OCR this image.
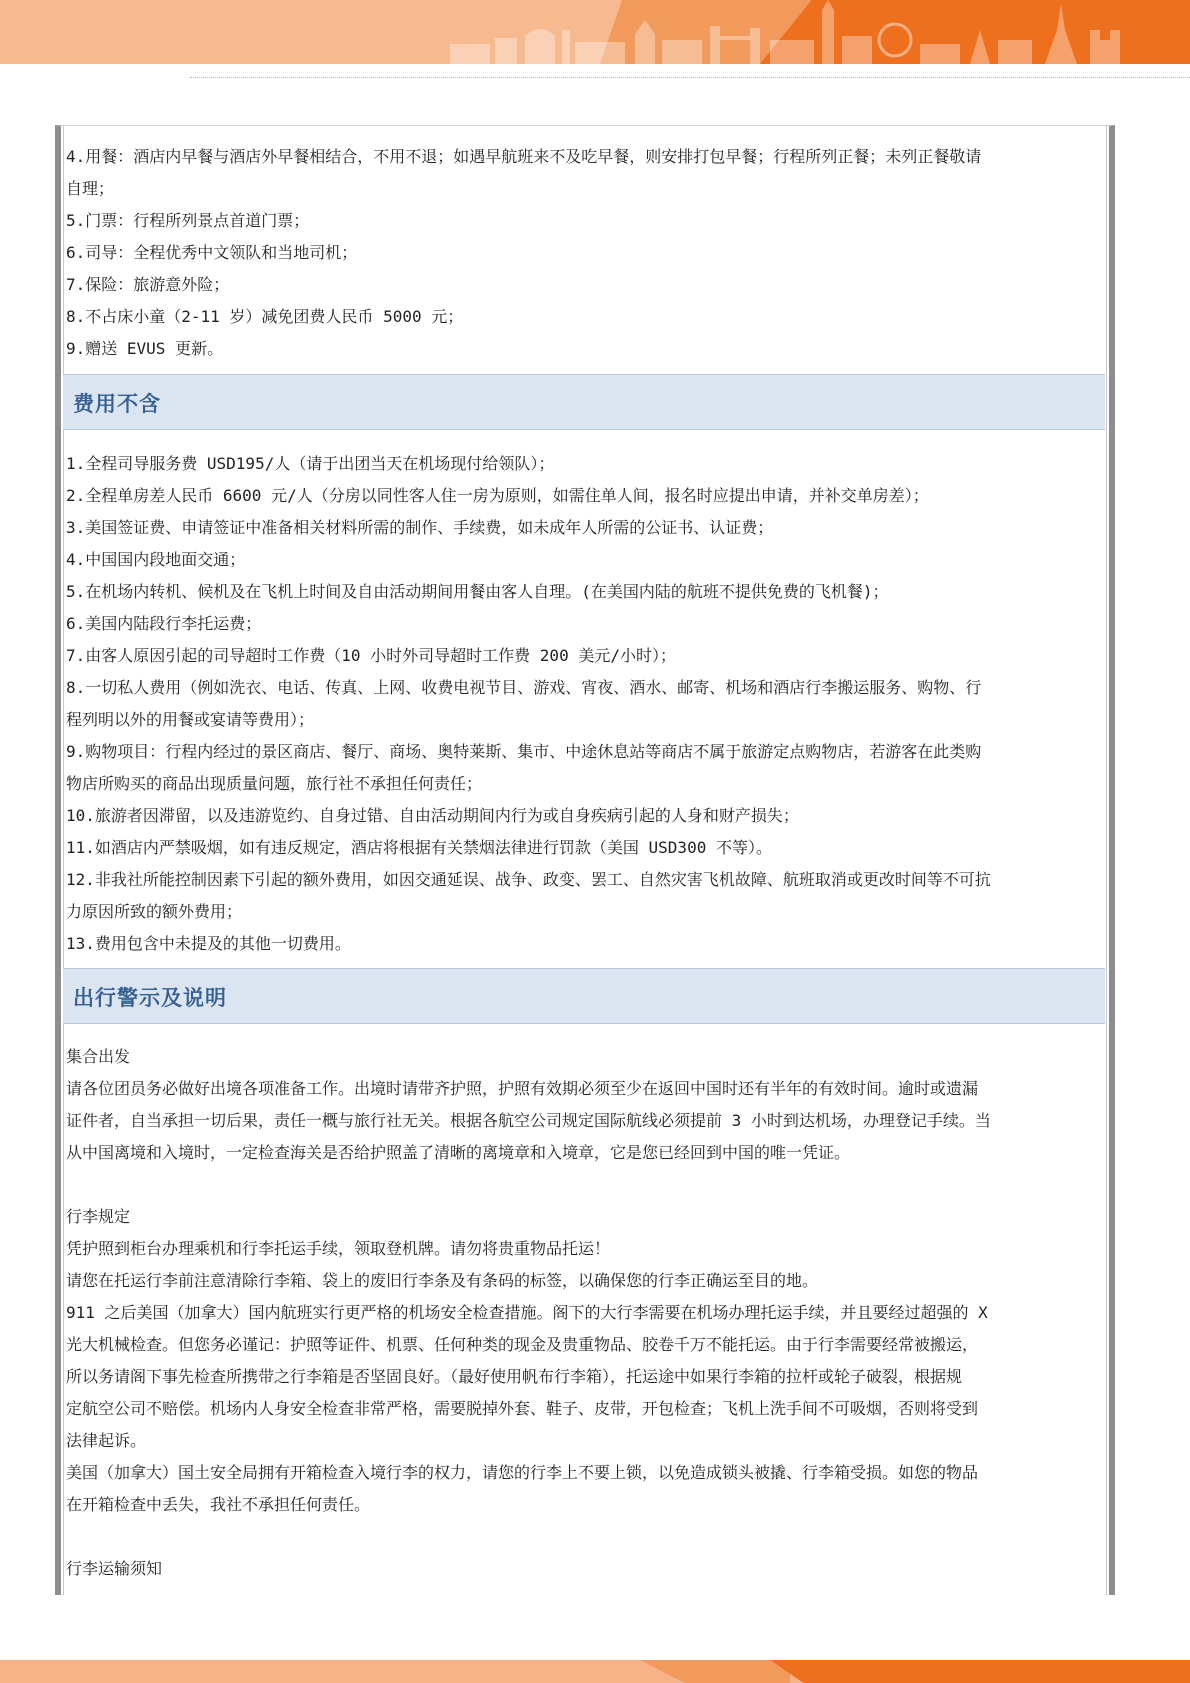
4.用餐：酒店内早餐与酒店外早餐相结合，不用不退；如遇早航班来不及吃早餐，则安排打包早餐；行程所列正餐；未列正餐敬请
自理；
5.门票：行程所列景点首道门票；
6.司导：全程优秀中文领队和当地司机；
7.保险：旅游意外险；
8.不占床小童（2-11 岁）减免团费人民币 5000 元；
9.赠送 EVUS 更新。
费用不含
1.全程司导服务费 USD195/人（请于出团当天在机场现付给领队）；
2.全程单房差人民币 6600 元/人（分房以同性客人住一房为原则，如需住单人间，报名时应提出申请，并补交单房差）；
3.美国签证费、申请签证中准备相关材料所需的制作、手续费，如未成年人所需的公证书、认证费；
4.中国国内段地面交通；
5.在机场内转机、候机及在飞机上时间及自由活动期间用餐由客人自理。(在美国内陆的航班不提供免费的飞机餐)；
6.美国内陆段行李托运费；
7.由客人原因引起的司导超时工作费（10 小时外司导超时工作费 200 美元/小时）；
8.一切私人费用（例如洗衣、电话、传真、上网、收费电视节目、游戏、宵夜、酒水、邮寄、机场和酒店行李搬运服务、购物、行
程列明以外的用餐或宴请等费用）；
9.购物项目：行程内经过的景区商店、餐厅、商场、奥特莱斯、集市、中途休息站等商店不属于旅游定点购物店，若游客在此类购
物店所购买的商品出现质量问题，旅行社不承担任何责任；
10.旅游者因滞留，以及违游览约、自身过错、自由活动期间内行为或自身疾病引起的人身和财产损失；
11.如酒店内严禁吸烟，如有违反规定，酒店将根据有关禁烟法律进行罚款（美国 USD300 不等）。
12.非我社所能控制因素下引起的额外费用，如因交通延误、战争、政变、罢工、自然灾害飞机故障、航班取消或更改时间等不可抗
力原因所致的额外费用；
13.费用包含中未提及的其他一切费用。
出行警示及说明
集合出发
请各位团员务必做好出境各项准备工作。出境时请带齐护照，护照有效期必须至少在返回中国时还有半年的有效时间。逾时或遗漏
证件者，自当承担一切后果，责任一概与旅行社无关。根据各航空公司规定国际航线必须提前 3 小时到达机场，办理登记手续。当
从中国离境和入境时，一定检查海关是否给护照盖了清晰的离境章和入境章，它是您已经回到中国的唯一凭证。
行李规定
凭护照到柜台办理乘机和行李托运手续，领取登机牌。请勿将贵重物品托运！
请您在托运行李前注意清除行李箱、袋上的废旧行李条及有条码的标签，以确保您的行李正确运至目的地。
911 之后美国（加拿大）国内航班实行更严格的机场安全检查措施。阁下的大行李需要在机场办理托运手续，并且要经过超强的 X
光大机械检查。但您务必谨记：护照等证件、机票、任何种类的现金及贵重物品、胶卷千万不能托运。由于行李需要经常被搬运，
所以务请阁下事先检查所携带之行李箱是否坚固良好。（最好使用帆布行李箱），托运途中如果行李箱的拉杆或轮子破裂，根据规
定航空公司不赔偿。机场内人身安全检查非常严格，需要脱掉外套、鞋子、皮带，开包检查；飞机上洗手间不可吸烟，否则将受到
法律起诉。
美国（加拿大）国土安全局拥有开箱检查入境行李的权力，请您的行李上不要上锁，以免造成锁头被撬、行李箱受损。如您的物品
在开箱检查中丢失，我社不承担任何责任。
行李运输须知
